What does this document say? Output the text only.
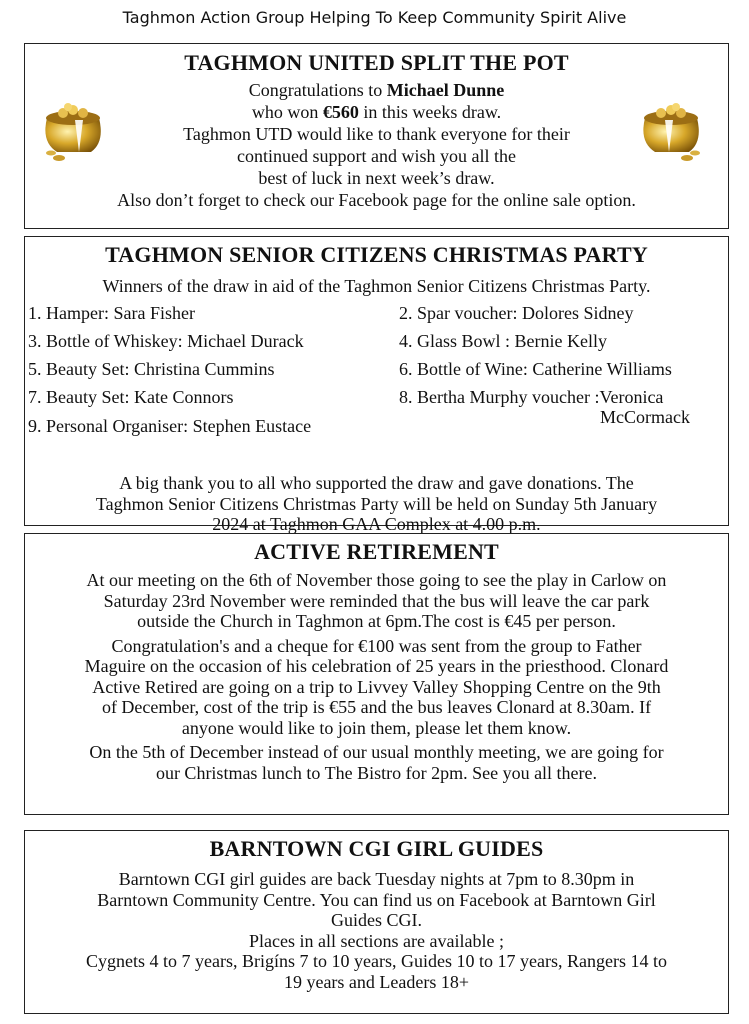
Taghmon Action Group Helping To Keep Community Spirit Alive
TAGHMON UNITED SPLIT THE POT
Congratulations to Michael Dunne
who won €560 in this weeks draw.
Taghmon UTD would like to thank everyone for their
continued support and wish you all the
best of luck in next week’s draw.
Also don’t forget to check our Facebook page for the online sale option.
TAGHMON SENIOR CITIZENS CHRISTMAS PARTY
Winners of the draw in aid of the Taghmon Senior Citizens Christmas Party.
1. Hamper: Sara Fisher
3. Bottle of Whiskey: Michael Durack
5. Beauty Set: Christina Cummins
7. Beauty Set: Kate Connors
9. Personal Organiser: Stephen Eustace
2. Spar voucher: Dolores Sidney
4. Glass Bowl : Bernie Kelly
6. Bottle of Wine: Catherine Williams
8. Bertha Murphy voucher :Veronica
McCormack
A big thank you to all who supported the draw and gave donations. The
Taghmon Senior Citizens Christmas Party will be held on Sunday 5th January
2024 at Taghmon GAA Complex at 4.00 p.m.
ACTIVE RETIREMENT
At our meeting on the 6th of November those going to see the play in Carlow on
Saturday 23rd November were reminded that the bus will leave the car park
outside the Church in Taghmon at 6pm.The cost is €45 per person.
Congratulation's and a cheque for €100 was sent from the group to Father
Maguire on the occasion of his celebration of 25 years in the priesthood. Clonard
Active Retired are going on a trip to Livvey Valley Shopping Centre on the 9th
of December, cost of the trip is €55 and the bus leaves Clonard at 8.30am. If
anyone would like to join them, please let them know.
On the 5th of December instead of our usual monthly meeting, we are going for
our Christmas lunch to The Bistro for 2pm. See you all there.
BARNTOWN CGI GIRL GUIDES
Barntown CGI girl guides are back Tuesday nights at 7pm to 8.30pm in
Barntown Community Centre. You can find us on Facebook at Barntown Girl
Guides CGI.
Places in all sections are available ;
Cygnets 4 to 7 years, Brigíns 7 to 10 years, Guides 10 to 17 years, Rangers 14 to
19 years and Leaders 18+
